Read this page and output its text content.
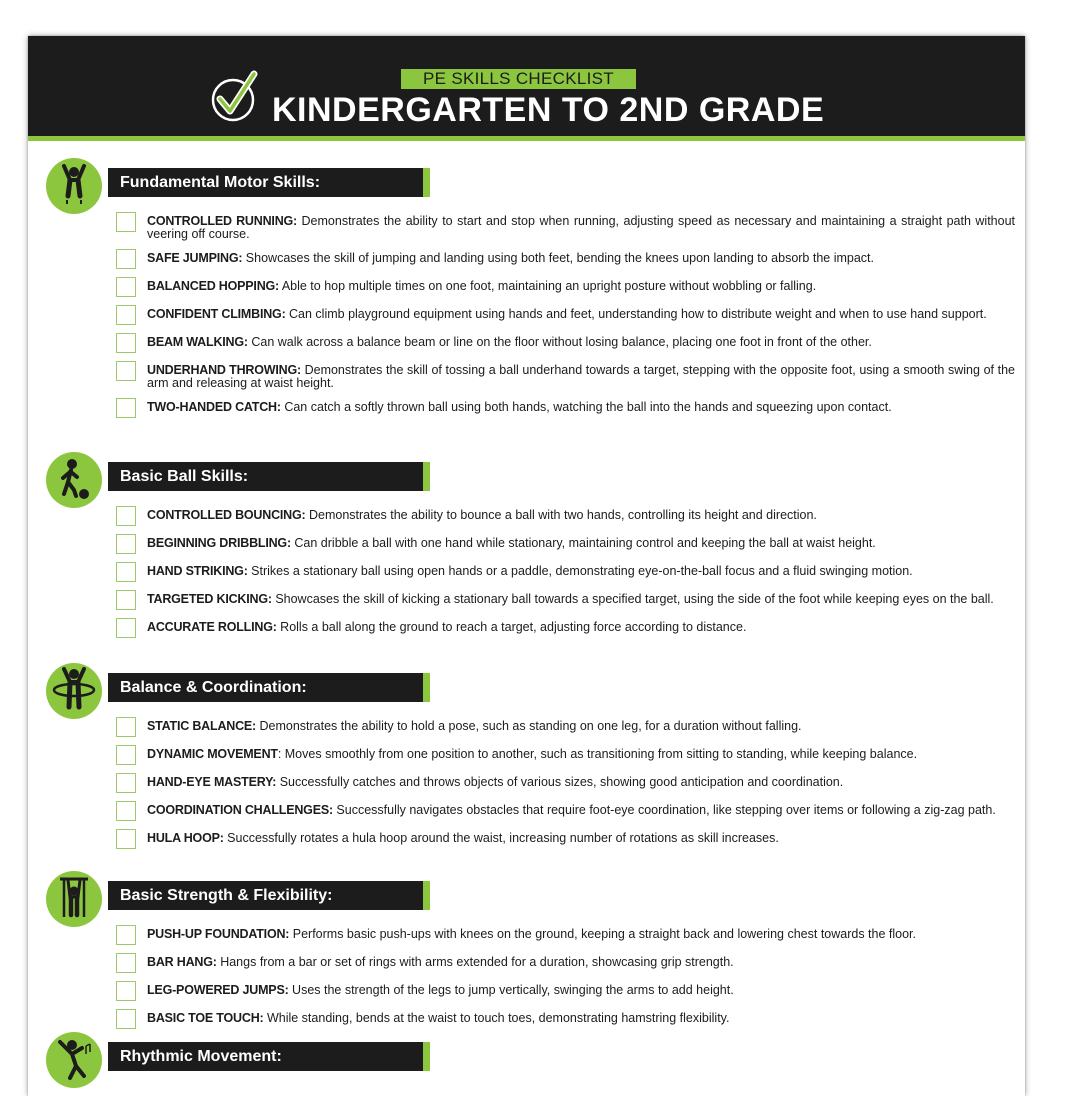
PE SKILLS CHECKLIST
KINDERGARTEN TO 2ND GRADE
Fundamental Motor Skills:
CONTROLLED RUNNING: Demonstrates the ability to start and stop when running, adjusting speed as necessary and maintaining a straight path without veering off course.
SAFE JUMPING: Showcases the skill of jumping and landing using both feet, bending the knees upon landing to absorb the impact.
BALANCED HOPPING: Able to hop multiple times on one foot, maintaining an upright posture without wobbling or falling.
CONFIDENT CLIMBING: Can climb playground equipment using hands and feet, understanding how to distribute weight and when to use hand support.
BEAM WALKING: Can walk across a balance beam or line on the floor without losing balance, placing one foot in front of the other.
UNDERHAND THROWING: Demonstrates the skill of tossing a ball underhand towards a target, stepping with the opposite foot, using a smooth swing of the arm and releasing at waist height.
TWO-HANDED CATCH: Can catch a softly thrown ball using both hands, watching the ball into the hands and squeezing upon contact.
Basic Ball Skills:
CONTROLLED BOUNCING: Demonstrates the ability to bounce a ball with two hands, controlling its height and direction.
BEGINNING DRIBBLING: Can dribble a ball with one hand while stationary, maintaining control and keeping the ball at waist height.
HAND STRIKING: Strikes a stationary ball using open hands or a paddle, demonstrating eye-on-the-ball focus and a fluid swinging motion.
TARGETED KICKING: Showcases the skill of kicking a stationary ball towards a specified target, using the side of the foot while keeping eyes on the ball.
ACCURATE ROLLING: Rolls a ball along the ground to reach a target, adjusting force according to distance.
Balance & Coordination:
STATIC BALANCE: Demonstrates the ability to hold a pose, such as standing on one leg, for a duration without falling.
DYNAMIC MOVEMENT: Moves smoothly from one position to another, such as transitioning from sitting to standing, while keeping balance.
HAND-EYE MASTERY: Successfully catches and throws objects of various sizes, showing good anticipation and coordination.
COORDINATION CHALLENGES: Successfully navigates obstacles that require foot-eye coordination, like stepping over items or following a zig-zag path.
HULA HOOP: Successfully rotates a hula hoop around the waist, increasing number of rotations as skill increases.
Basic Strength & Flexibility:
PUSH-UP FOUNDATION: Performs basic push-ups with knees on the ground, keeping a straight back and lowering chest towards the floor.
BAR HANG: Hangs from a bar or set of rings with arms extended for a duration, showcasing grip strength.
LEG-POWERED JUMPS: Uses the strength of the legs to jump vertically, swinging the arms to add height.
BASIC TOE TOUCH: While standing, bends at the waist to touch toes, demonstrating hamstring flexibility.
Rhythmic Movement:
